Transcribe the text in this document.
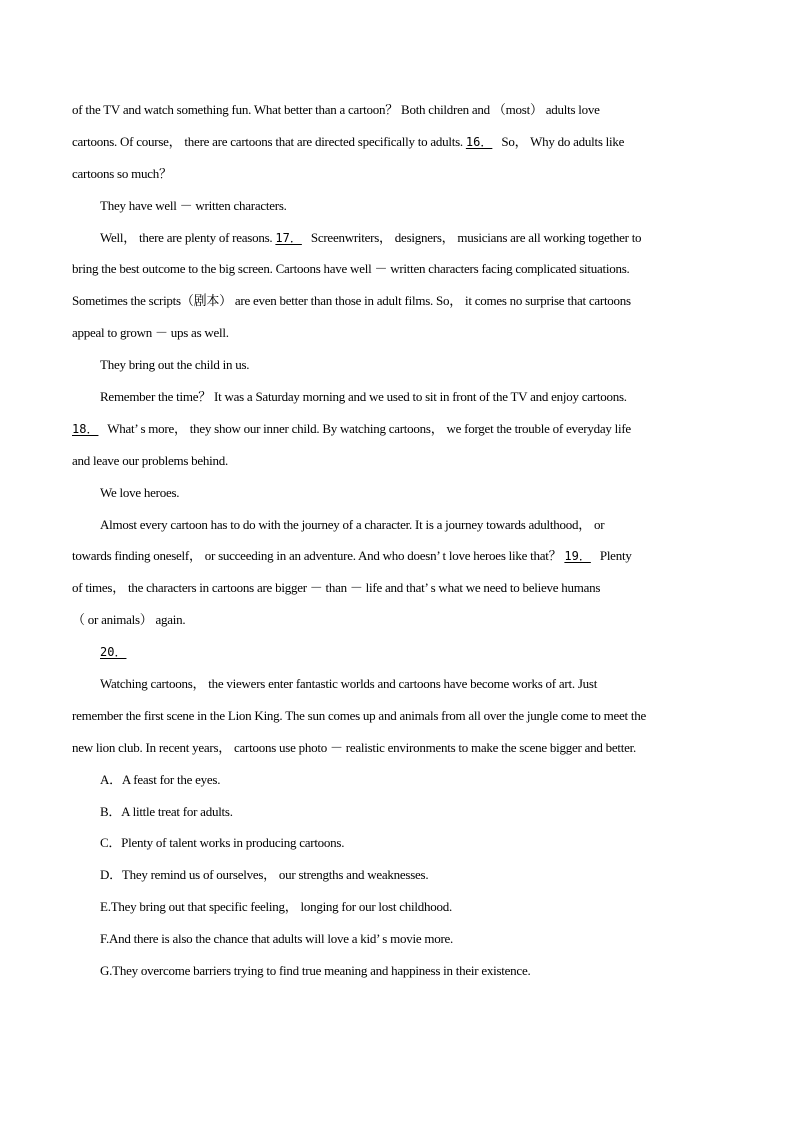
of the TV and watch something fun. What better than a cartoon？ Both children and （most） adults love
cartoons. Of course， there are cartoons that are directed specifically to adults. 16． So， Why do adults like
cartoons so much？
They have well － written characters.
Well， there are plenty of reasons. 17． Screenwriters， designers， musicians are all working together to
bring the best outcome to the big screen. Cartoons have well － written characters facing complicated situations.
Sometimes the scripts（剧本） are even better than those in adult films. So， it comes no surprise that cartoons
appeal to grown － ups as well.
They bring out the child in us.
Remember the time？ It was a Saturday morning and we used to sit in front of the TV and enjoy cartoons.
18． What’ s more， they show our inner child. By watching cartoons， we forget the trouble of everyday life
and leave our problems behind.
We love heroes.
Almost every cartoon has to do with the journey of a character. It is a journey towards adulthood， or
towards finding oneself， or succeeding in an adventure. And who doesn’ t love heroes like that？ 19． Plenty
of times， the characters in cartoons are bigger － than － life and that’ s what we need to believe humans
（ or animals） again.
20．
Watching cartoons， the viewers enter fantastic worlds and cartoons have become works of art. Just
remember the first scene in the Lion King. The sun comes up and animals from all over the jungle come to meet the
new lion club. In recent years， cartoons use photo － realistic environments to make the scene bigger and better.
A．A feast for the eyes.
B．A little treat for adults.
C．Plenty of talent works in producing cartoons.
D．They remind us of ourselves， our strengths and weaknesses.
E.They bring out that specific feeling， longing for our lost childhood.
F.And there is also the chance that adults will love a kid’ s movie more.
G.They overcome barriers trying to find true meaning and happiness in their existence.
